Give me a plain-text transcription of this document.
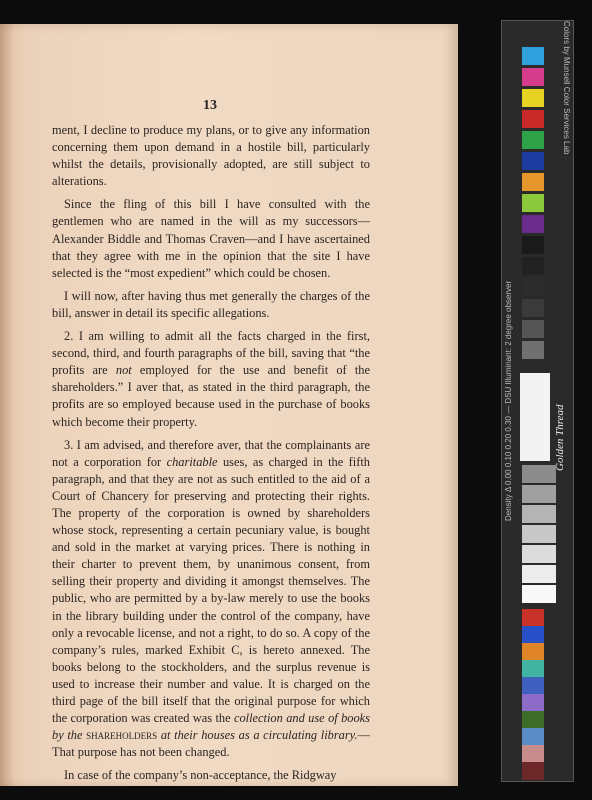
13

ment, I decline to produce my plans, or to give any information concerning them upon demand in a hostile bill, particularly whilst the details, provisionally adopted, are still subject to alterations.

Since the fling of this bill I have consulted with the gentlemen who are named in the will as my successors—Alexander Biddle and Thomas Craven—and I have ascertained that they agree with me in the opinion that the site I have selected is the “most expedient” which could be chosen.

I will now, after having thus met generally the charges of the bill, answer in detail its specific allegations.

2. I am willing to admit all the facts charged in the first, second, third, and fourth paragraphs of the bill, saving that “the profits are not employed for the use and benefit of the shareholders.” I aver that, as stated in the third paragraph, the profits are so employed because used in the purchase of books which become their property.

3. I am advised, and therefore aver, that the complainants are not a corporation for charitable uses, as charged in the fifth paragraph, and that they are not as such entitled to the aid of a Court of Chancery for preserving and protecting their rights. The property of the corporation is owned by shareholders whose stock, representing a certain pecuniary value, is bought and sold in the market at varying prices. There is nothing in their charter to prevent them, by unanimous consent, from selling their property and dividing it amongst themselves. The public, who are permitted by a by-law merely to use the books in the library building under the control of the company, have only a revocable license, and not a right, to do so. A copy of the company’s rules, marked Exhibit C, is hereto annexed. The books belong to the stockholders, and the surplus revenue is used to increase their number and value. It is charged on the third page of the bill itself that the original purpose for which the corporation was created was the collection and use of books by the shareholders at their houses as a circulating library.—That purpose has not been changed.

In case of the company’s non-acceptance, the Ridgway

Density Δ 0.00 0.10 0.20 0.30 — DSU Illuminant: 2 degree observer
Colors by Munsell Color Services Lab
Golden Thread
